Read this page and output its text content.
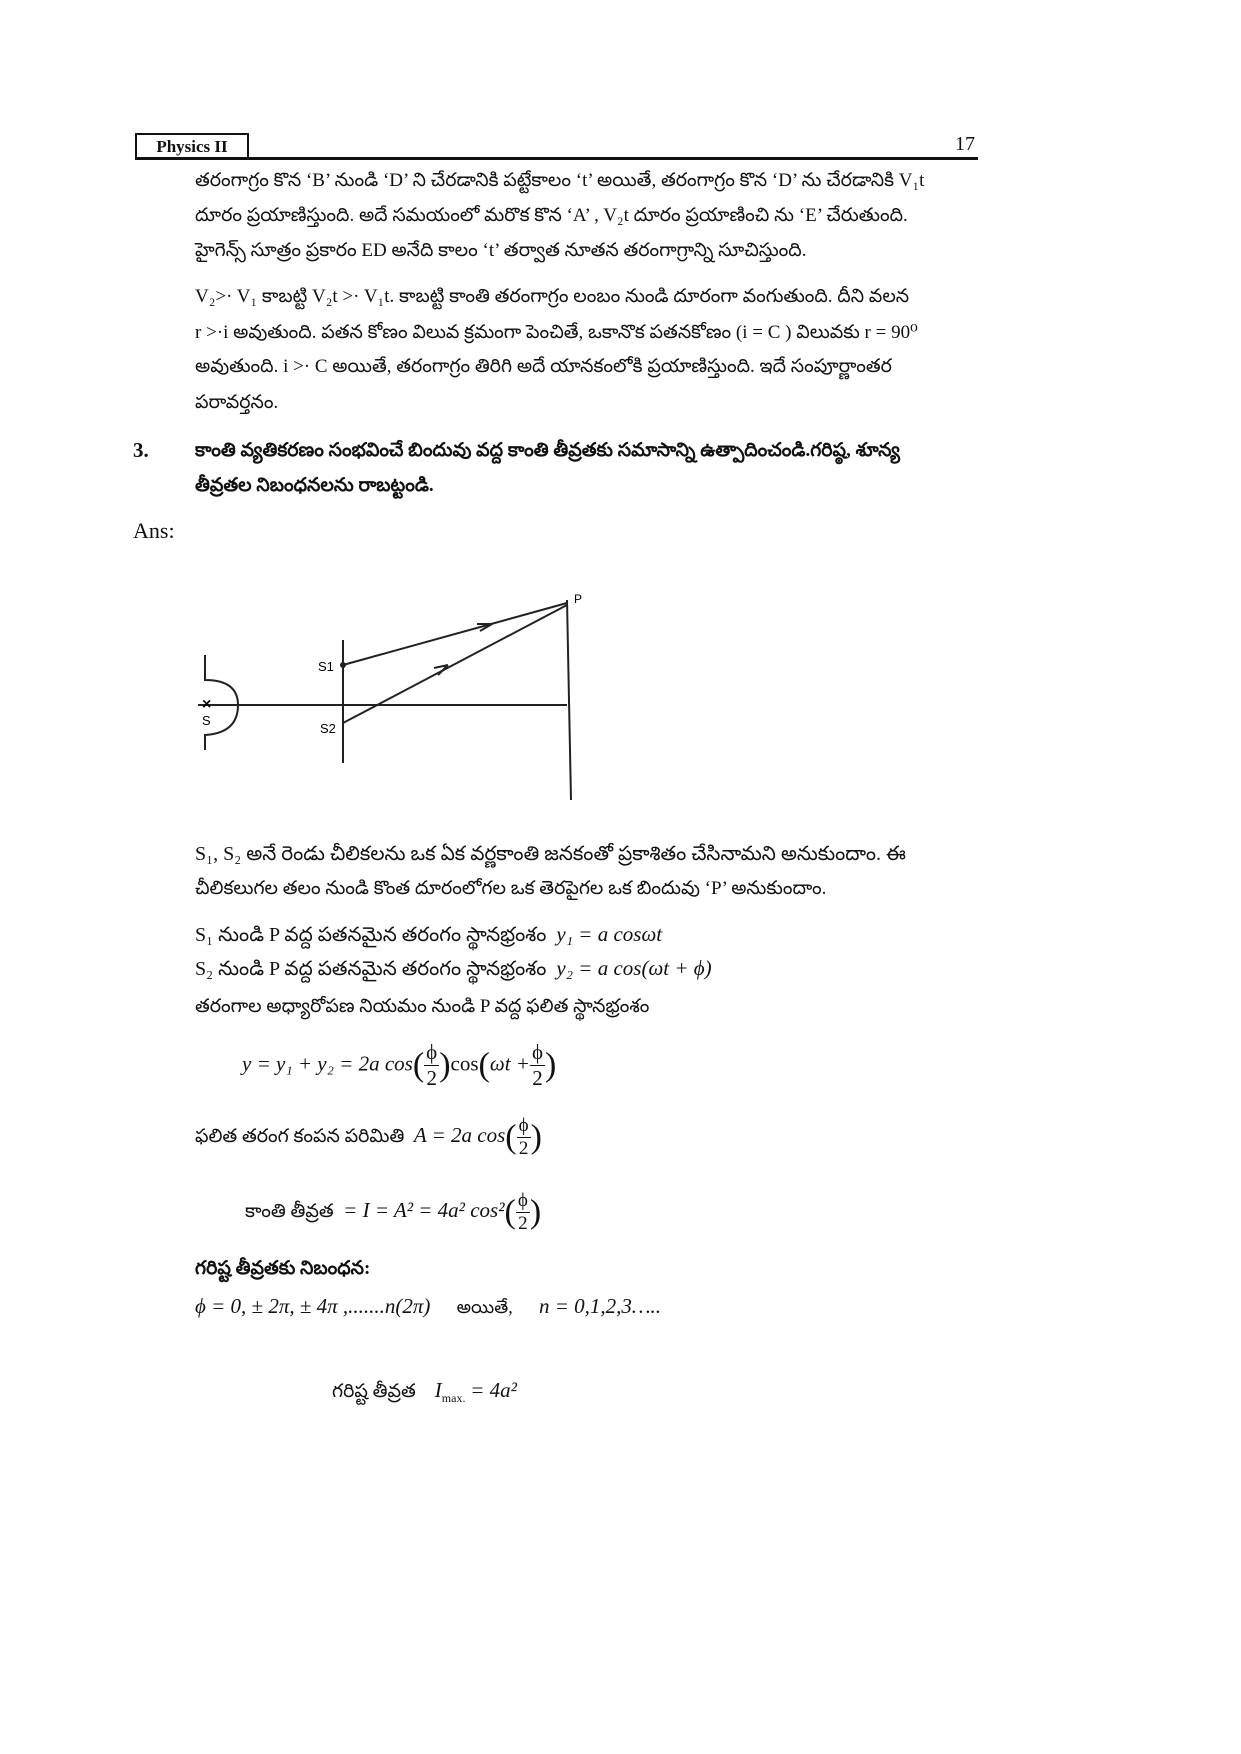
Physics II	17
తరంగాగ్రం కొన ‘B’ నుండి ‘D’ ని చేరడానికి పట్టేకాలం ‘t’ అయితే, తరంగాగ్రం కొన ‘D’ ను చేరడానికి V₁t
దూరం ప్రయాణిస్తుంది. అదే సమయంలో మరొక కొన ‘A’ , V₂t దూరం ప్రయాణించి ను ‘E’ చేరుతుంది.
హైగెన్స్ సూత్రం ప్రకారం ED అనేది కాలం ‘t’ తర్వాత నూతన తరంగాగ్రాన్ని సూచిస్తుంది.
V₂>· V₁ కాబట్టి V₂t >· V₁t. కాబట్టి కాంతి తరంగాగ్రం లంబం నుండి దూరంగా వంగుతుంది. దీని వలన
r >·i అవుతుంది. పతన కోణం విలువ క్రమంగా పెంచితే, ఒకానొక పతనకోణం (i = C ) విలువకు r = 90⁰
అవుతుంది. i >· C అయితే, తరంగాగ్రం తిరిగి అదే యానకంలోకి ప్రయాణిస్తుంది. ఇదే సంపూర్ణాంతర
పరావర్తనం.
3. కాంతి వ్యతికరణం సంభవించే బిందువు వద్ద కాంతి తీవ్రతకు సమాసాన్ని ఉత్పాదించండి.గరిష్ఠ, శూన్య
తీవ్రతల నిబంధనలను రాబట్టండి.
Ans:
×
S
S1
S2
P
S₁, S₂ అనే రెండు చీలికలను ఒక ఏక వర్ణకాంతి జనకంతో ప్రకాశితం చేసినామని అనుకుందాం. ఈ
చీలికలుగల తలం నుండి కొంత దూరంలోగల ఒక తెరపైగల ఒక బిందువు ‘P’ అనుకుందాం.
S₁ నుండి P వద్ద పతనమైన తరంగం స్థానభ్రంశం y₁ = a cosωt
S₂ నుండి P వద్ద పతనమైన తరంగం స్థానభ్రంశం y₂ = a cos(ωt + ϕ)
తరంగాల అధ్యారోపణ నియమం నుండి P వద్ద ఫలిత స్థానభ్రంశం
y = y₁ + y₂ = 2a $\cos( \frac{\phi}{2} )\cos(\omega t + \frac{\phi}{2}$ )
ఫలిత తరంగ కంపన పరిమితి A = 2a $\cos( \frac{\phi}{2}$ )
కాంతి తీవ్రత = I = A² = 4a² $\cos^2( \frac{\phi}{2}$ )
గరిష్ట తీవ్రతకు నిబంధన:
ϕ = 0, ± 2π, ± 4π ,.......n(2π) అయితే, n = 0,1,2,3…..
గరిష్ట తీవ్రత $I_{max.} = 4a^2$
